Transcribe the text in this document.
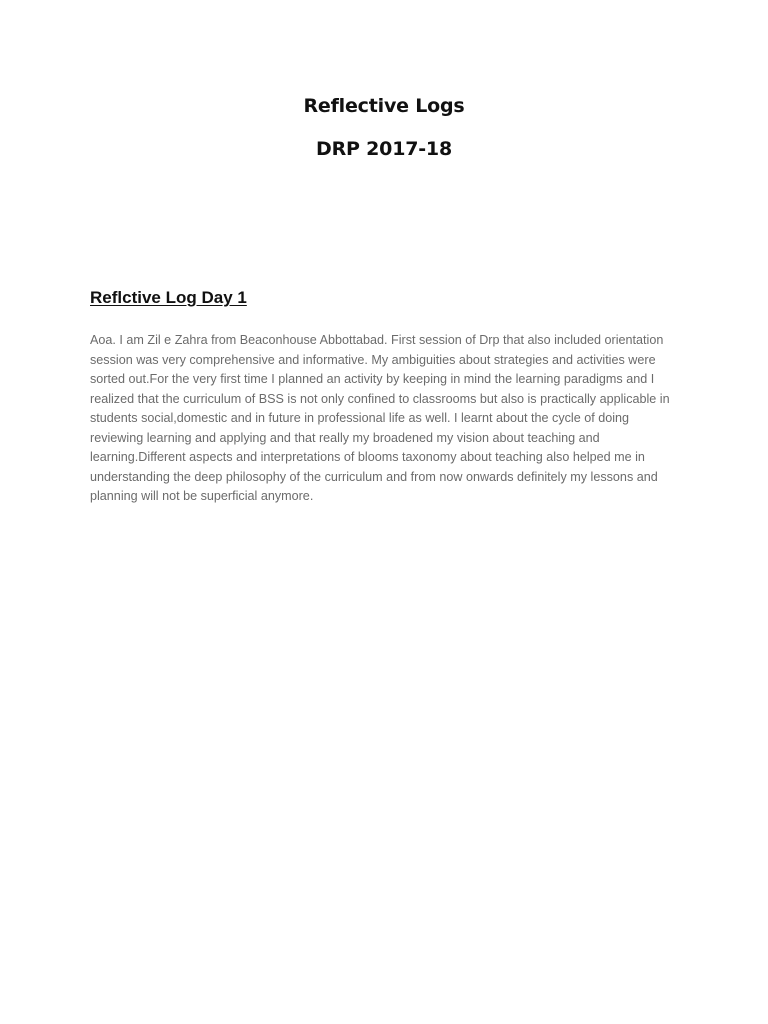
Reflective Logs
DRP 2017-18
Reflctive Log Day 1

Aoa. I am Zil e Zahra from Beaconhouse Abbottabad. First session of Drp that also included orientation session was very comprehensive and informative. My ambiguities about strategies and activities were sorted out.For the very first time I planned an activity by keeping in mind the learning paradigms and I realized that the curriculum of BSS is not only confined to classrooms but also is practically applicable in students social,domestic and in future in professional life as well. I learnt about the cycle of doing reviewing learning and applying and that really my broadened my vision about teaching and learning.Different aspects and interpretations of blooms taxonomy about teaching also helped me in understanding the deep philosophy of the curriculum and from now onwards definitely my lessons and planning will not be superficial anymore.
